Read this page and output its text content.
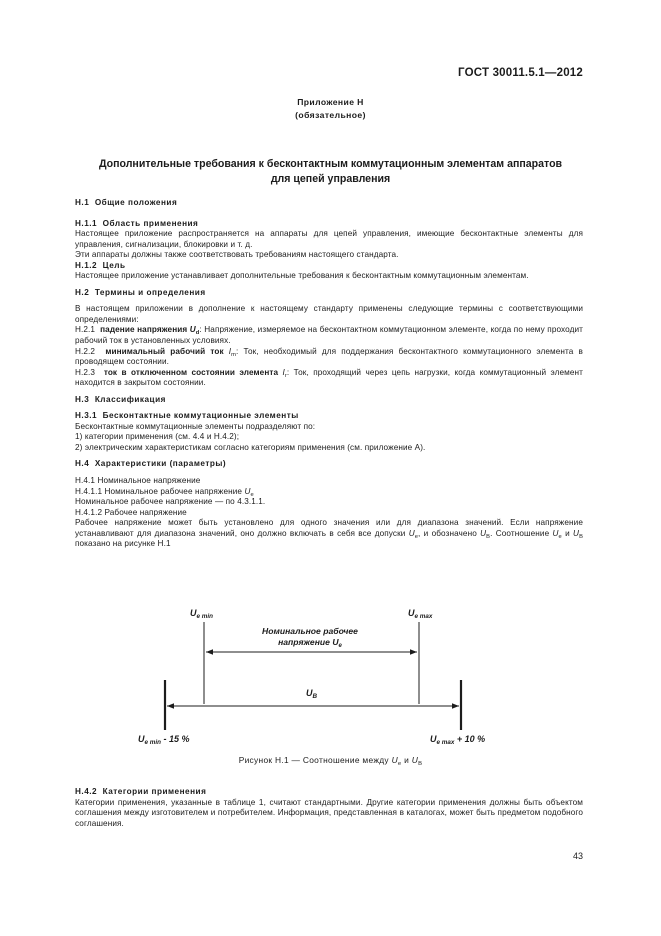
ГОСТ 30011.5.1—2012
Приложение Н
(обязательное)
Дополнительные требования к бесконтактным коммутационным элементам аппаратов
для цепей управления

Н.1 Общие положения

Н.1.1 Область применения

Настоящее приложение распространяется на аппараты для цепей управления, имеющие бесконтактные элементы для управления, сигнализации, блокировки и т. д.

Эти аппараты должны также соответствовать требованиям настоящего стандарта.

Н.1.2 Цель

Настоящее приложение устанавливает дополнительные требования к бесконтактным коммутационным элементам.

Н.2 Термины и определения

В настоящем приложении в дополнение к настоящему стандарту применены следующие термины с соответствующими определениями:

Н.2.1 падение напряжения $U_d$: Напряжение, измеряемое на бесконтактном коммутационном элементе, когда по нему проходит рабочий ток в установленных условиях.

Н.2.2 минимальный рабочий ток $I_m$: Ток, необходимый для поддержания бесконтактного коммутационного элемента в проводящем состоянии.

Н.2.3 ток в отключенном состоянии элемента $I_r$: Ток, проходящий через цепь нагрузки, когда коммутационный элемент находится в закрытом состоянии.

Н.3 Классификация

Н.3.1 Бесконтактные коммутационные элементы

Бесконтактные коммутационные элементы подразделяют по:

1) категории применения (см. 4.4 и Н.4.2);

2) электрическим характеристикам согласно категориям применения (см. приложение А).

Н.4 Характеристики (параметры)

Н.4.1 Номинальное напряжение

Н.4.1.1 Номинальное рабочее напряжение $U_e$

Номинальное рабочее напряжение — по 4.3.1.1.

Н.4.1.2 Рабочее напряжение

Рабочее напряжение может быть установлено для одного значения или для диапазона значений. Если напряжение устанавливают для диапазона значений, оно должно включать в себя все допуски $U_e$, и обозначено $U_B$. Соотношение $U_e$ и $U_B$ показано на рисунке Н.1

$U_{e min}$	$U_{e max}$
Номинальное рабочее
напряжение $U_e$
$U_B$
$U_{e min} - 15$ %	$U_{e max} + 10$ %
Рисунок Н.1 — Соотношение между $U_e$ и $U_B$

Н.4.2 Категории применения

Категории применения, указанные в таблице 1, считают стандартными. Другие категории применения должны быть объектом соглашения между изготовителем и потребителем. Информация, представленная в каталогах, может быть предметом подобного соглашения.

43
